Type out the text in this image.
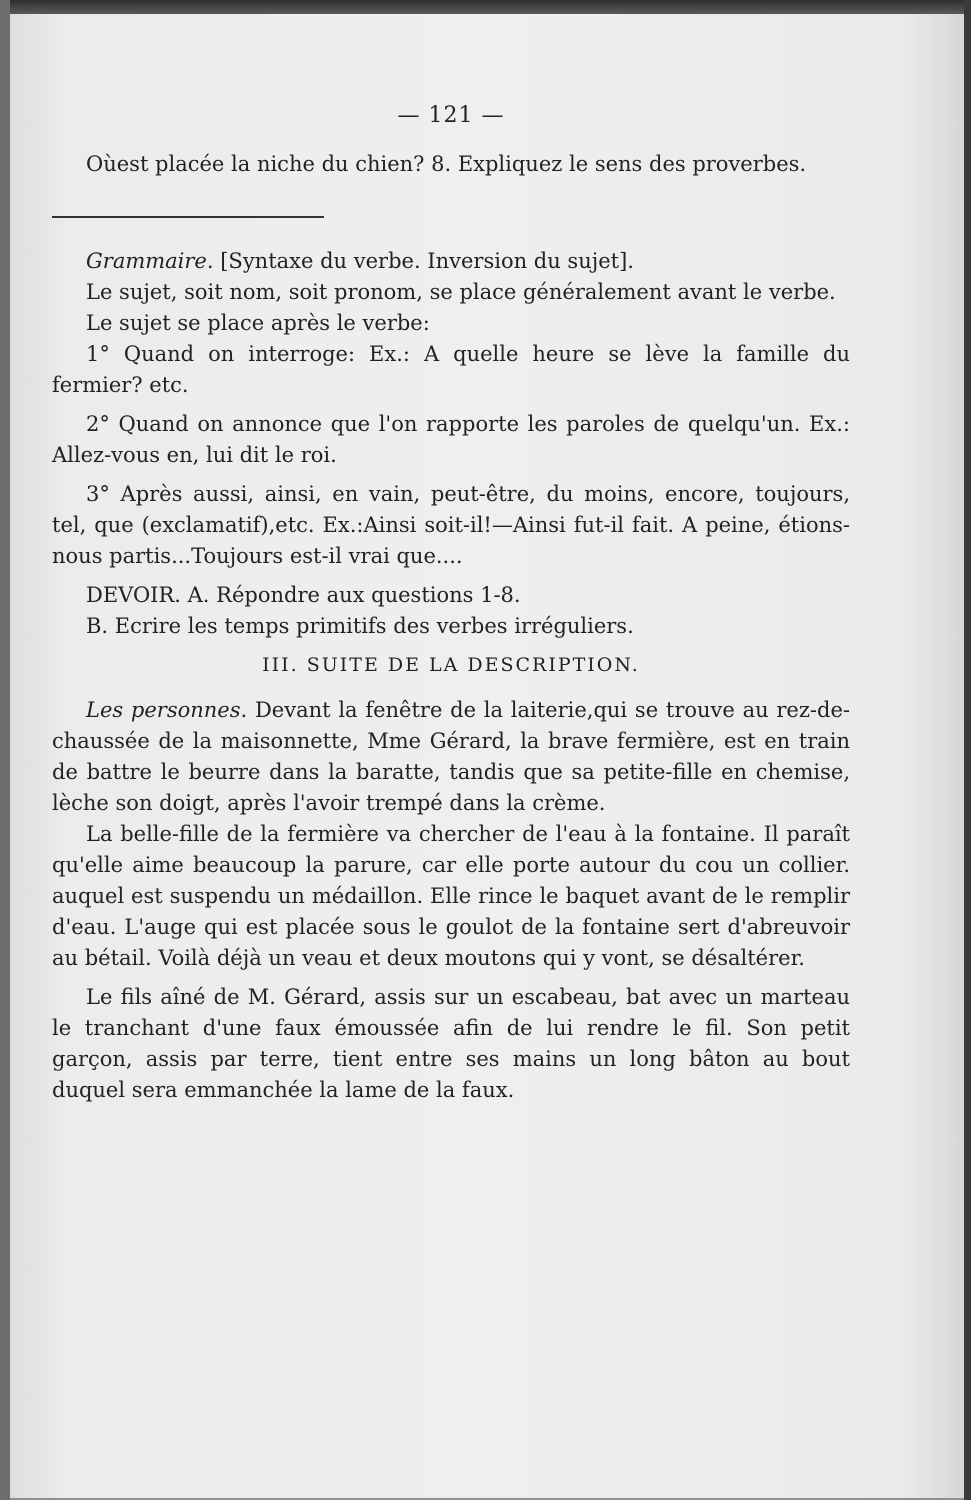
— 121 —

Oùest placée la niche du chien? 8. Expliquez le sens des proverbes.

Grammaire. [Syntaxe du verbe. Inversion du sujet].

Le sujet, soit nom, soit pronom, se place généralement avant le verbe.

Le sujet se place après le verbe:

1° Quand on interroge: Ex.: A quelle heure se lève la famille du fermier? etc.

2° Quand on annonce que l'on rapporte les paroles de quelqu'un. Ex.: Allez-vous en, lui dit le roi.

3° Après aussi, ainsi, en vain, peut-être, du moins, encore, toujours, tel, que (exclamatif),etc. Ex.:Ainsi soit-il!—Ainsi fut-il fait. A peine, étions-nous partis...Toujours est-il vrai que....

DEVOIR. A. Répondre aux questions 1-8.

B. Ecrire les temps primitifs des verbes irréguliers.

III. SUITE DE LA DESCRIPTION.

Les personnes. Devant la fenêtre de la laiterie,qui se trouve au rez-de-chaussée de la maisonnette, Mme Gérard, la brave fermière, est en train de battre le beurre dans la baratte, tandis que sa petite-fille en chemise, lèche son doigt, après l'avoir trempé dans la crème.

La belle-fille de la fermière va chercher de l'eau à la fontaine. Il paraît qu'elle aime beaucoup la parure, car elle porte autour du cou un collier. auquel est suspendu un médaillon. Elle rince le baquet avant de le remplir d'eau. L'auge qui est placée sous le goulot de la fontaine sert d'abreuvoir au bétail. Voilà déjà un veau et deux moutons qui y vont, se désaltérer.

Le fils aîné de M. Gérard, assis sur un escabeau, bat avec un marteau le tranchant d'une faux émoussée afin de lui rendre le fil. Son petit garçon, assis par terre, tient entre ses mains un long bâton au bout duquel sera emmanchée la lame de la faux.
